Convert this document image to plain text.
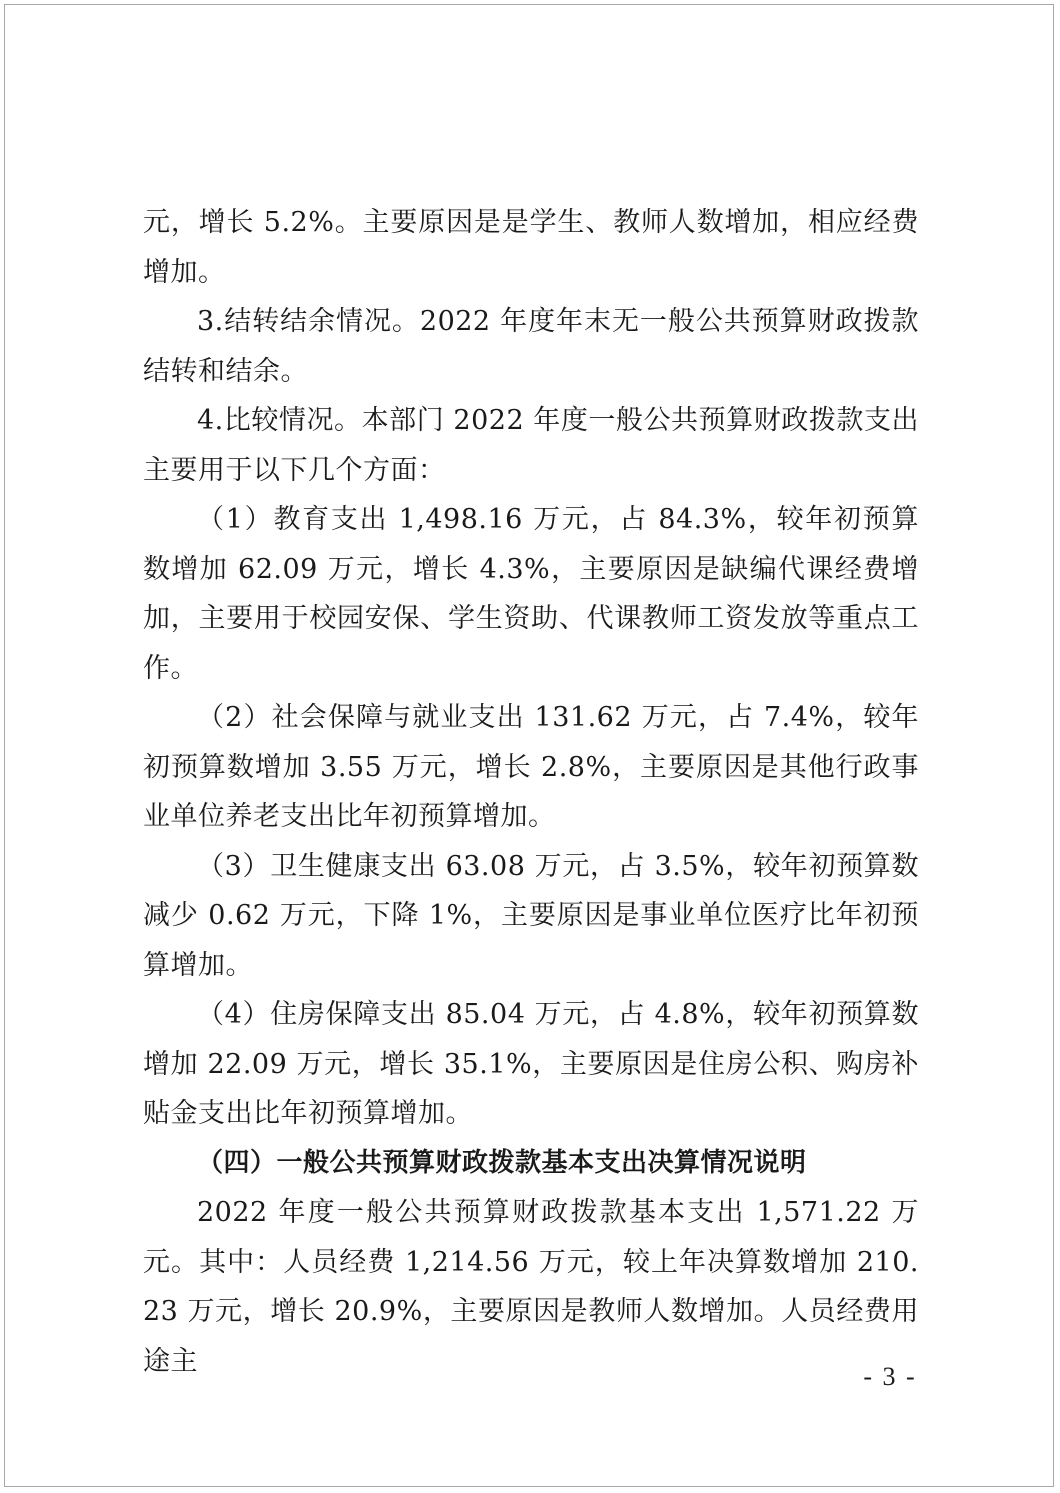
元，增长 5.2%。主要原因是是学生、教师人数增加，相应经费增加。

3.结转结余情况。2022 年度年末无一般公共预算财政拨款结转和结余。

4.比较情况。本部门 2022 年度一般公共预算财政拨款支出主要用于以下几个方面：

（1）教育支出 1,498.16 万元，占 84.3%，较年初预算数增加 62.09 万元，增长 4.3%，主要原因是缺编代课经费增加，主要用于校园安保、学生资助、代课教师工资发放等重点工作。

（2）社会保障与就业支出 131.62 万元，占 7.4%，较年初预算数增加 3.55 万元，增长 2.8%，主要原因是其他行政事业单位养老支出比年初预算增加。

（3）卫生健康支出 63.08 万元，占 3.5%，较年初预算数减少 0.62 万元，下降 1%，主要原因是事业单位医疗比年初预算增加。

（4）住房保障支出 85.04 万元，占 4.8%，较年初预算数增加 22.09 万元，增长 35.1%，主要原因是住房公积、购房补贴金支出比年初预算增加。

（四）一般公共预算财政拨款基本支出决算情况说明

2022 年度一般公共预算财政拨款基本支出 1,571.22 万元。其中：人员经费 1,214.56 万元，较上年决算数增加 210.23 万元，增长 20.9%，主要原因是教师人数增加。人员经费用途主	- 3 -
